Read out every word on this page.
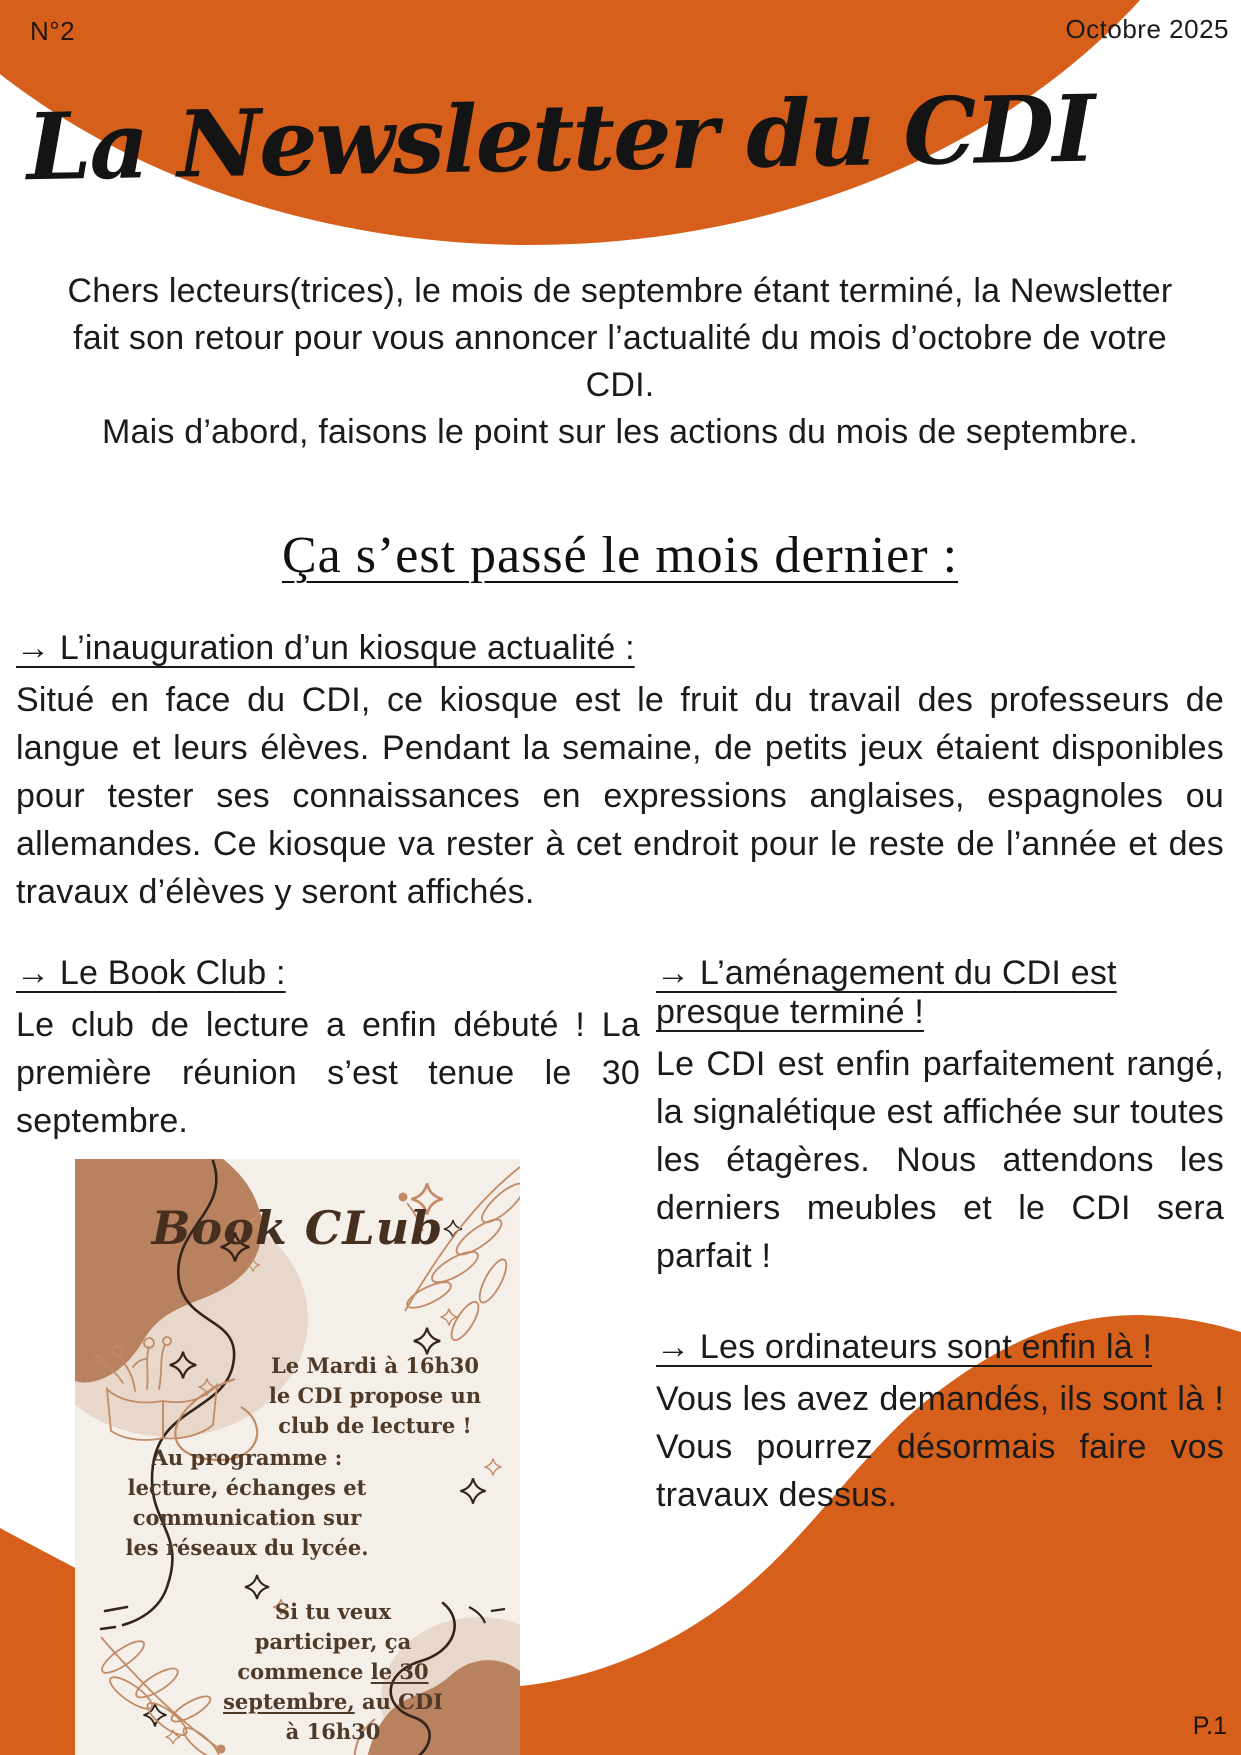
N°2	Octobre 2025
La Newsletter du CDI
Chers lecteurs(trices), le mois de septembre étant terminé, la Newsletter fait son retour pour vous annoncer l’actualité du mois d’octobre de votre CDI.
Mais d’abord, faisons le point sur les actions du mois de septembre.
Ça s’est passé le mois dernier :
→ L’inauguration d’un kiosque actualité :
Situé en face du CDI, ce kiosque est le fruit du travail des professeurs de langue et leurs élèves. Pendant la semaine, de petits jeux étaient disponibles pour tester ses connaissances en expressions anglaises, espagnoles ou allemandes. Ce kiosque va rester à cet endroit pour le reste de l’année et des travaux d’élèves y seront affichés.
→ Le Book Club :
Le club de lecture a enfin débuté ! La première réunion s’est tenue le 30 septembre.
Book CLub
Le Mardi à 16h30 le CDI propose un club de lecture !
Au programme :
lecture, échanges et communication sur les réseaux du lycée.
Si tu veux participer, ça commence le 30 septembre, au CDI à 16h30
→ L’aménagement du CDI est presque terminé !
Le CDI est enfin parfaitement rangé, la signalétique est affichée sur toutes les étagères. Nous attendons les derniers meubles et le CDI sera parfait !
→ Les ordinateurs sont enfin là !
Vous les avez demandés, ils sont là ! Vous pourrez désormais faire vos travaux dessus.
P.1
